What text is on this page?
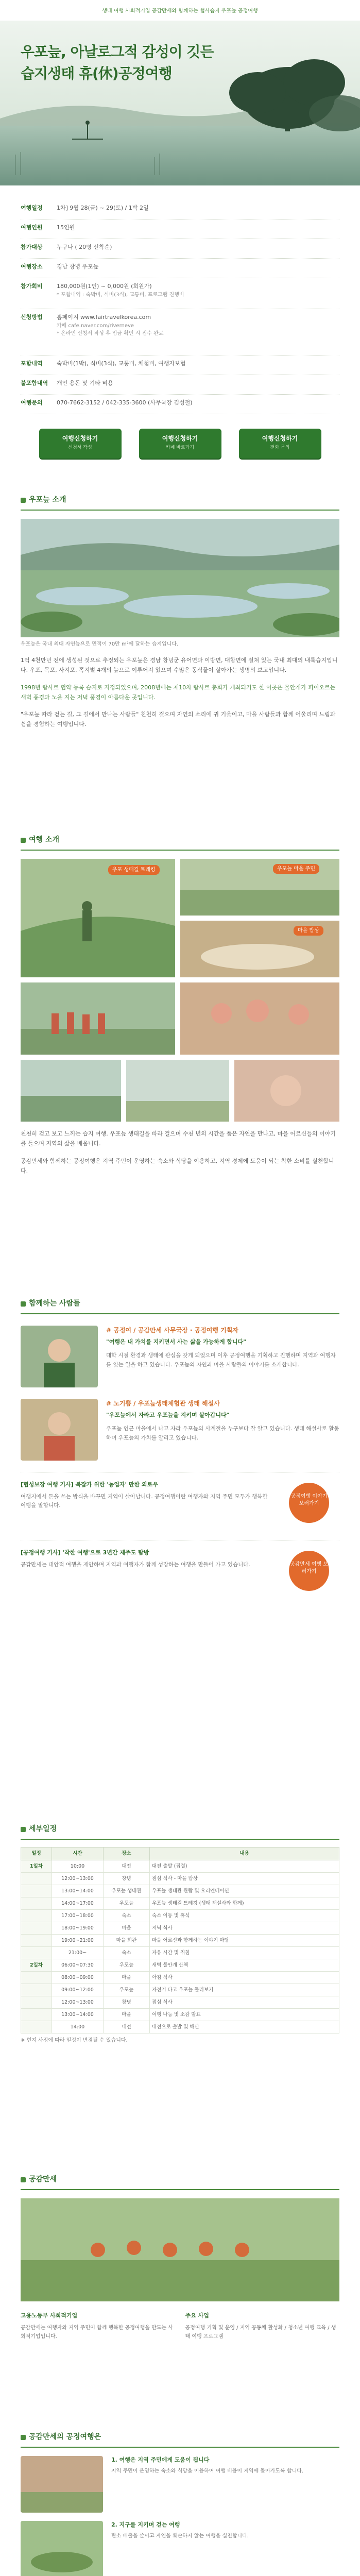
생태 여행 사회적기업 공감만세와 함께하는 협사습지 우포늪 공정여행
우포늪, 아날로그적 감성이 깃든
습지생태 휴(休)공정여행
여행일정	1차] 9월 28(금) ~ 29(토) / 1박 2일
여행인원	15인원
참가대상	누구나 ( 20명 선착순)
여행장소	경남 창녕 우포늪
참가회비	180,000원(1인) ~ 0,000원 (회원가)
* 포함내역 : 숙박비, 식비(3식), 교통비, 프로그램 진행비
신청방법	홈페이지 www.fairtravelkorea.com
카페 cafe.naver.com/riverneve
* 온라인 신청서 작성 후 입금 확인 시 접수 완료
포함내역	숙박비(1박), 식비(3식), 교통비, 체험비, 여행자보험
불포함내역	개인 용돈 및 기타 비용
여행문의	070-7662-3152 / 042-335-3600 (사무국장 김성철)
여행신청하기
신청서 작성
여행신청하기
카페 바로가기
여행신청하기
전화 문의
우포늪 소개
우포늪은 국내 최대 자연늪으로 면적이 70만 m²에 달하는 습지입니다.
1억 4천만년 전에 생성된 것으로 추정되는 우포늪은 경남 창녕군 유어면과 이방면, 대합면에 걸쳐 있는 국내 최대의 내륙습지입니다. 우포, 목포, 사지포, 쪽지벌 4개의 늪으로 이루어져 있으며 수많은 동식물이 살아가는 생명의 보고입니다.
1998년 람사르 협약 등록 습지로 지정되었으며, 2008년에는 제10차 람사르 총회가 개최되기도 한 이곳은 물안개가 피어오르는 새벽 풍경과 노을 지는 저녁 풍경이 아름다운 곳입니다.
"우포늪 따라 걷는 길, 그 길에서 만나는 사람들" 천천히 걸으며 자연의 소리에 귀 기울이고, 마을 사람들과 함께 어울리며 느림과 쉼을 경험하는 여행입니다.
여행 소개
우포 생태길 트레킹	우포늪 마을 주민
마을 밥상
천천히 걷고 보고 느끼는 습지 여행. 우포늪 생태길을 따라 걸으며 수천 년의 시간을 품은 자연을 만나고, 마을 어르신들의 이야기를 들으며 지역의 삶을 배웁니다.
공감만세와 함께하는 공정여행은 지역 주민이 운영하는 숙소와 식당을 이용하고, 지역 경제에 도움이 되는 착한 소비를 실천합니다.
함께하는 사람들
# 공정여 / 공감만세 사무국장 · 공정여행 기획자
"여행은 내 가치를 지키면서 사는 삶을 가능하게 합니다"
대학 시절 환경과 생태에 관심을 갖게 되었으며 이후 공정여행을 기획하고 진행하며 지역과 여행자를 잇는 일을 하고 있습니다. 우포늪의 자연과 마을 사람들의 이야기를 소개합니다.
# 노기쁨 / 우포늪생태체험관 생태 해설사
"우포늪에서 자라고 우포늪을 지키며 살아갑니다"
우포늪 인근 마을에서 나고 자라 우포늪의 사계절을 누구보다 잘 알고 있습니다. 생태 해설사로 활동하며 우포늪의 가치를 알리고 있습니다.
[협성보장 여행 기사] 복잡가 위한 '농업자' 만한 외로우
여행지에서 돈을 쓰는 방식을 바꾸면 지역이 살아납니다. 공정여행이란 여행자와 지역 주민 모두가 행복한 여행을 말합니다.
공정여행 이야기 보러가기
[공정여행 기사] '착한 여행'으로 3년간 제주도 탐방
공감만세는 대안적 여행을 제안하며 지역과 여행자가 함께 성장하는 여행을 만들어 가고 있습니다.	공감만세 여행 보러가기
세부일정
일정	시간	장소	내용
1일차	10:00	대전	대전 출발 (집결)
	12:00~13:00	창녕	점심 식사 - 마을 밥상
	13:00~14:00	우포늪 생태관	우포늪 생태관 관람 및 오리엔테이션
	14:00~17:00	우포늪	우포늪 생태길 트레킹 (생태 해설사와 함께)
	17:00~18:00	숙소	숙소 이동 및 휴식
	18:00~19:00	마을	저녁 식사
	19:00~21:00	마을 회관	마을 어르신과 함께하는 이야기 마당
	21:00~	숙소	자유 시간 및 취침
2일차	06:00~07:30	우포늪	새벽 물안개 산책
	08:00~09:00	마을	아침 식사
	09:00~12:00	우포늪	자전거 타고 우포늪 둘러보기
	12:00~13:00	창녕	점심 식사
	13:00~14:00	마을	여행 나눔 및 소감 발표
	14:00	대전	대전으로 출발 및 해산
※ 현지 사정에 따라 일정이 변경될 수 있습니다.
공감만세
고용노동부 사회적기업
공감만세는 여행자와 지역 주민이 함께 행복한 공정여행을 만드는 사회적기업입니다.
주요 사업
공정여행 기획 및 운영 / 지역 공동체 활성화 / 청소년 여행 교육 / 생태 여행 프로그램
공감만세의 공정여행은
1. 여행은 지역 주민에게 도움이 됩니다
지역 주민이 운영하는 숙소와 식당을 이용하여 여행 비용이 지역에 돌아가도록 합니다.
2. 지구를 지키며 걷는 여행
탄소 배출을 줄이고 자연을 훼손하지 않는 여행을 실천합니다.
